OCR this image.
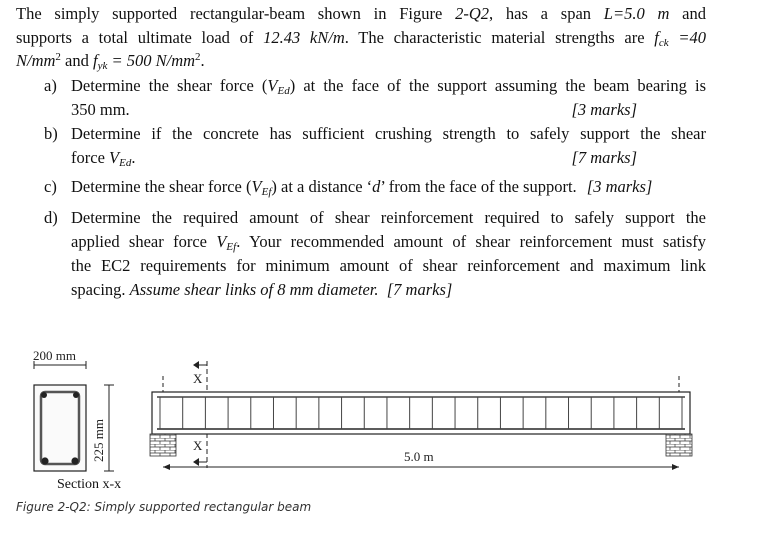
The simply supported rectangular-beam shown in Figure 2-Q2, has a span L=5.0 m and
supports a total ultimate load of 12.43 kN/m. The characteristic material strengths are $f_{ck} =40$
$N/mm^2$ and $f_{yk} = 500$ $N/mm^2$.
a) Determine the shear force $(V_{Ed})$ at the face of the support assuming the beam bearing is
350 mm.	[3 marks]
b) Determine if the concrete has sufficient crushing strength to safely support the shear
force $V_{Ed}$.	[7 marks]
c) Determine the shear force $(V_{Ef})$ at a distance ‘d’ from the face of the support. [3 marks]
d) Determine the required amount of shear reinforcement required to safely support the
applied shear force $V_{Ef}$. Your recommended amount of shear reinforcement must satisfy
the EC2 requirements for minimum amount of shear reinforcement and maximum link
spacing. Assume shear links of 8 mm diameter. [7 marks]
200 mm
225 mm
X
X
5.0 m
Section x-x
Figure 2-Q2: Simply supported rectangular beam
